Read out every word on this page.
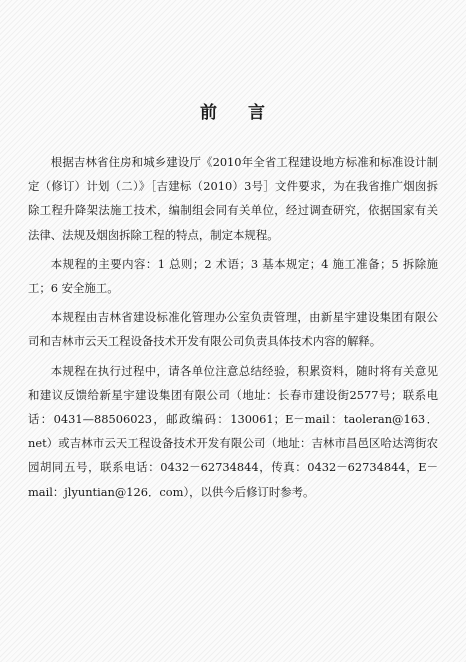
前 言

根据吉林省住房和城乡建设厅《2010年全省工程建设地方标准和标准设计制定（修订）计划（二）》［吉建标（2010）3号］文件要求，为在我省推广烟囱拆除工程升降架法施工技术，编制组会同有关单位，经过调查研究，依据国家有关法律、法规及烟囱拆除工程的特点，制定本规程。

本规程的主要内容：1 总则；2 术语；3 基本规定；4 施工准备；5 拆除施工；6 安全施工。

本规程由吉林省建设标准化管理办公室负责管理，由新星宇建设集团有限公司和吉林市云天工程设备技术开发有限公司负责具体技术内容的解释。

本规程在执行过程中，请各单位注意总结经验，积累资料，随时将有关意见和建议反馈给新星宇建设集团有限公司（地址：长春市建设街2577号；联系电话：0431—88506023，邮政编码：130061；E－mail：taoleran@163．net）或吉林市云天工程设备技术开发有限公司（地址：吉林市昌邑区哈达湾街农园胡同五号，联系电话：0432－62734844，传真：0432－62734844，E－mail：jlyuntian@126．com），以供今后修订时参考。
